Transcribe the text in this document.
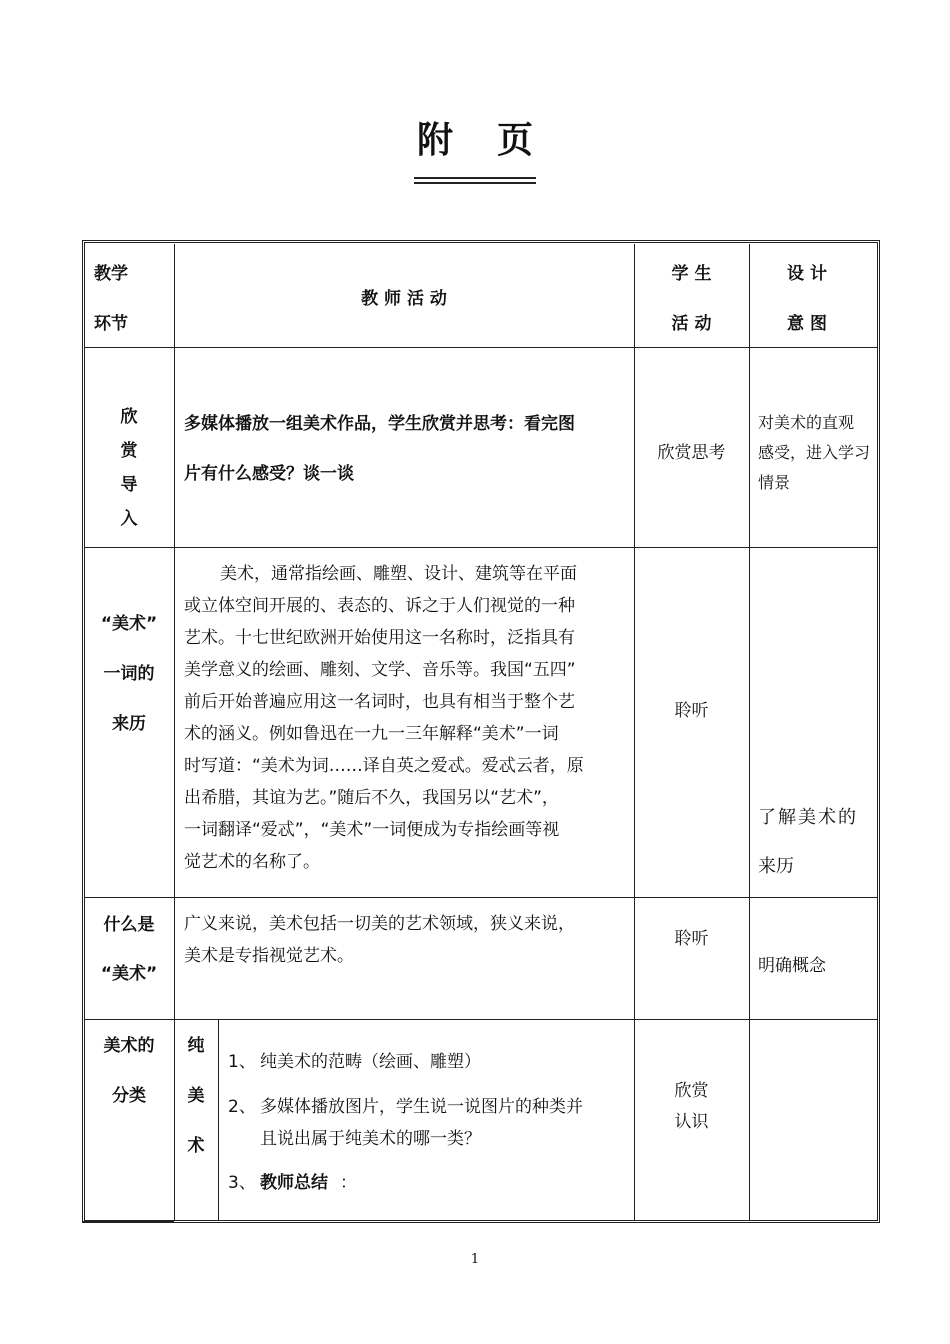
附页
教学
环节
教 师 活 动
学 生
活 动
设 计
意 图
欣
赏
导
入
多媒体播放一组美术作品，学生欣赏并思考：看完图
片有什么感受？谈一谈
欣赏思考
对美术的直观
感受，进入学习
情景
“美术”
一词的
来历
美术，通常指绘画、雕塑、设计、建筑等在平面
或立体空间开展的、表态的、诉之于人们视觉的一种
艺术。十七世纪欧洲开始使用这一名称时，泛指具有
美学意义的绘画、雕刻、文学、音乐等。我国“五四”
前后开始普遍应用这一名词时，也具有相当于整个艺
术的涵义。例如鲁迅在一九一三年解释“美术”一词
时写道：“美术为词……译自英之爱忒。爱忒云者，原
出希腊，其谊为艺。”随后不久，我国另以“艺术”，
一词翻译“爱忒”，“美术”一词便成为专指绘画等视
觉艺术的名称了。
聆听
了解美术的
来历
什么是
“美术”
广义来说，美术包括一切美的艺术领域，狭义来说，
美术是专指视觉艺术。
聆听
明确概念
美术的
分类
纯
美
术
1、 纯美术的范畴（绘画、雕塑）
2、 多媒体播放图片，学生说一说图片的种类并
且说出属于纯美术的哪一类？
3、 教师总结 ：
欣赏
认识
1
